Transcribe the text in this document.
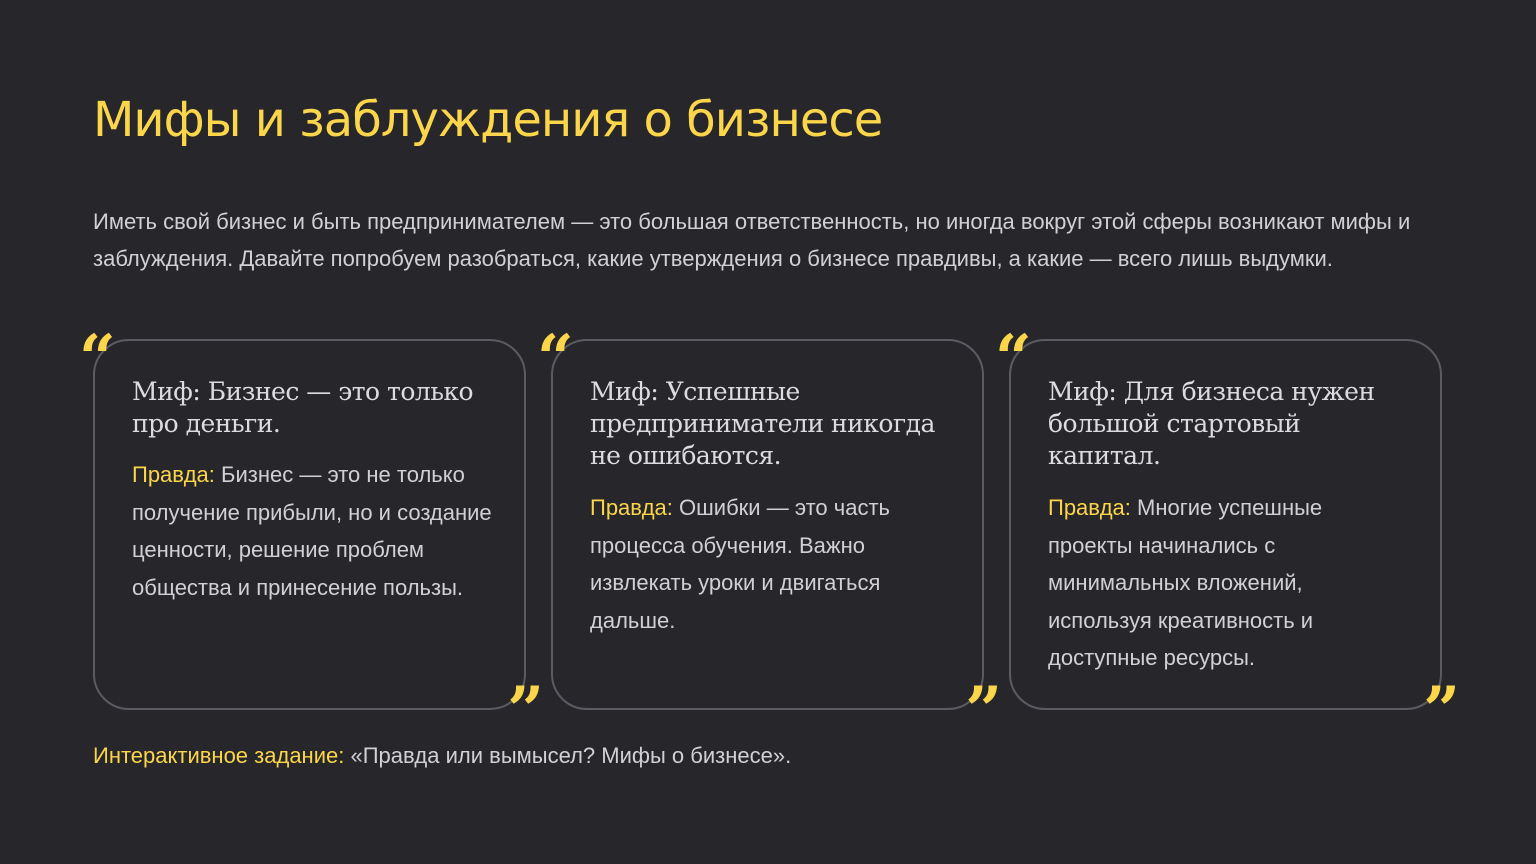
Мифы и заблуждения о бизнесе

Иметь свой бизнес и быть предпринимателем — это большая ответственность, но иногда вокруг этой сферы возникают мифы и заблуждения. Давайте попробуем разобраться, какие утверждения о бизнесе правдивы, а какие — всего лишь выдумки.

“ Миф: Бизнес — это только про деньги.

Правда: Бизнес — это не только получение прибыли, но и создание ценности, решение проблем общества и принесение пользы.

”
“ Миф: Успешные предприниматели никогда не ошибаются.

Правда: Ошибки — это часть процесса обучения. Важно извлекать уроки и двигаться дальше.

”
“ Миф: Для бизнеса нужен большой стартовый капитал.

Правда: Многие успешные проекты начинались с минимальных вложений, используя креативность и доступные ресурсы.

”

Интерактивное задание: «Правда или вымысел? Мифы о бизнесе».
